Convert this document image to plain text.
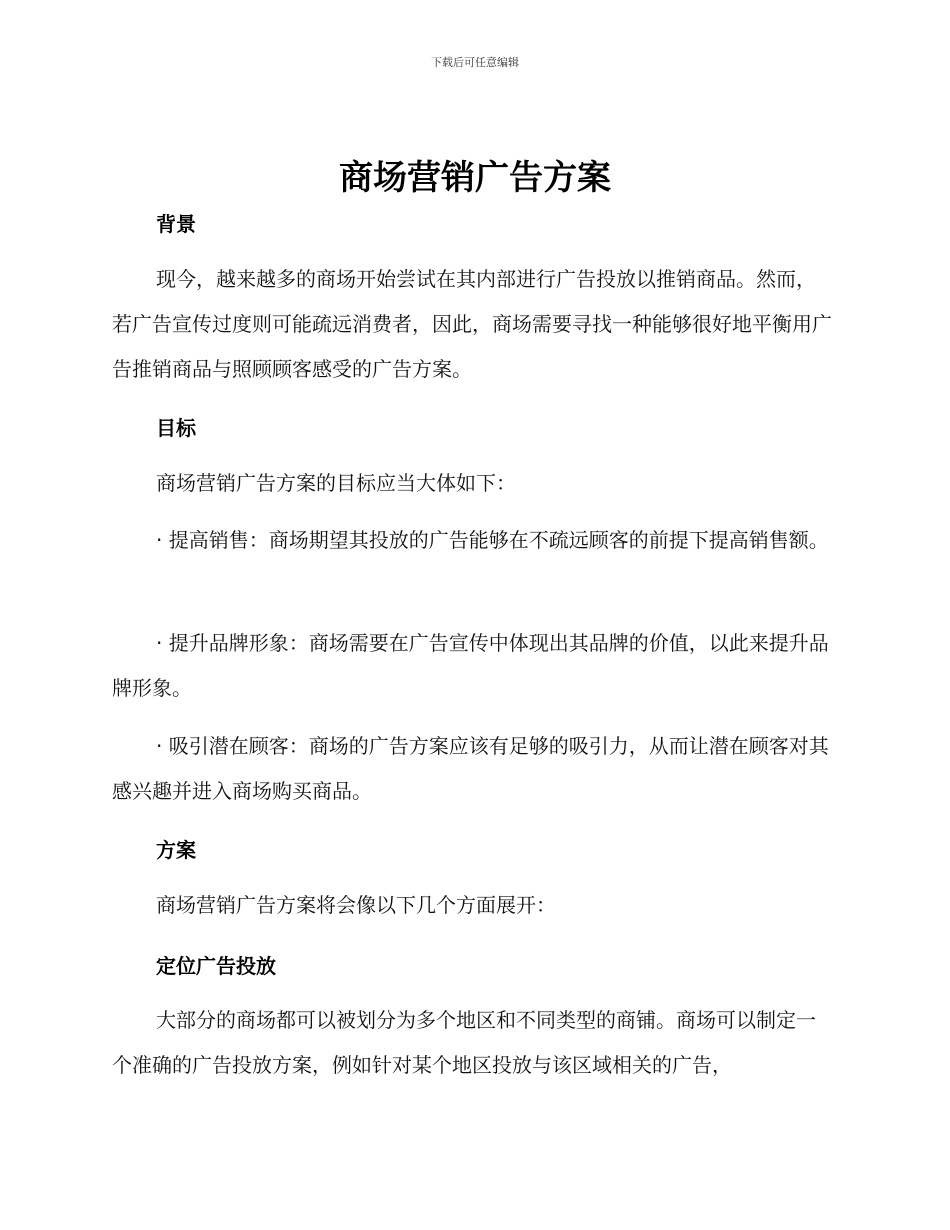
下载后可任意编辑
商场营销广告方案
背景
现今，越来越多的商场开始尝试在其内部进行广告投放以推销商品。然而，若广告宣传过度则可能疏远消费者，因此，商场需要寻找一种能够很好地平衡用广告推销商品与照顾顾客感受的广告方案。
目标
商场营销广告方案的目标应当大体如下：
· 提高销售：商场期望其投放的广告能够在不疏远顾客的前提下提高销售额。
· 提升品牌形象：商场需要在广告宣传中体现出其品牌的价值，以此来提升品牌形象。
· 吸引潜在顾客：商场的广告方案应该有足够的吸引力，从而让潜在顾客对其感兴趣并进入商场购买商品。
方案
商场营销广告方案将会像以下几个方面展开：
定位广告投放
大部分的商场都可以被划分为多个地区和不同类型的商铺。商场可以制定一个准确的广告投放方案，例如针对某个地区投放与该区域相关的广告，
